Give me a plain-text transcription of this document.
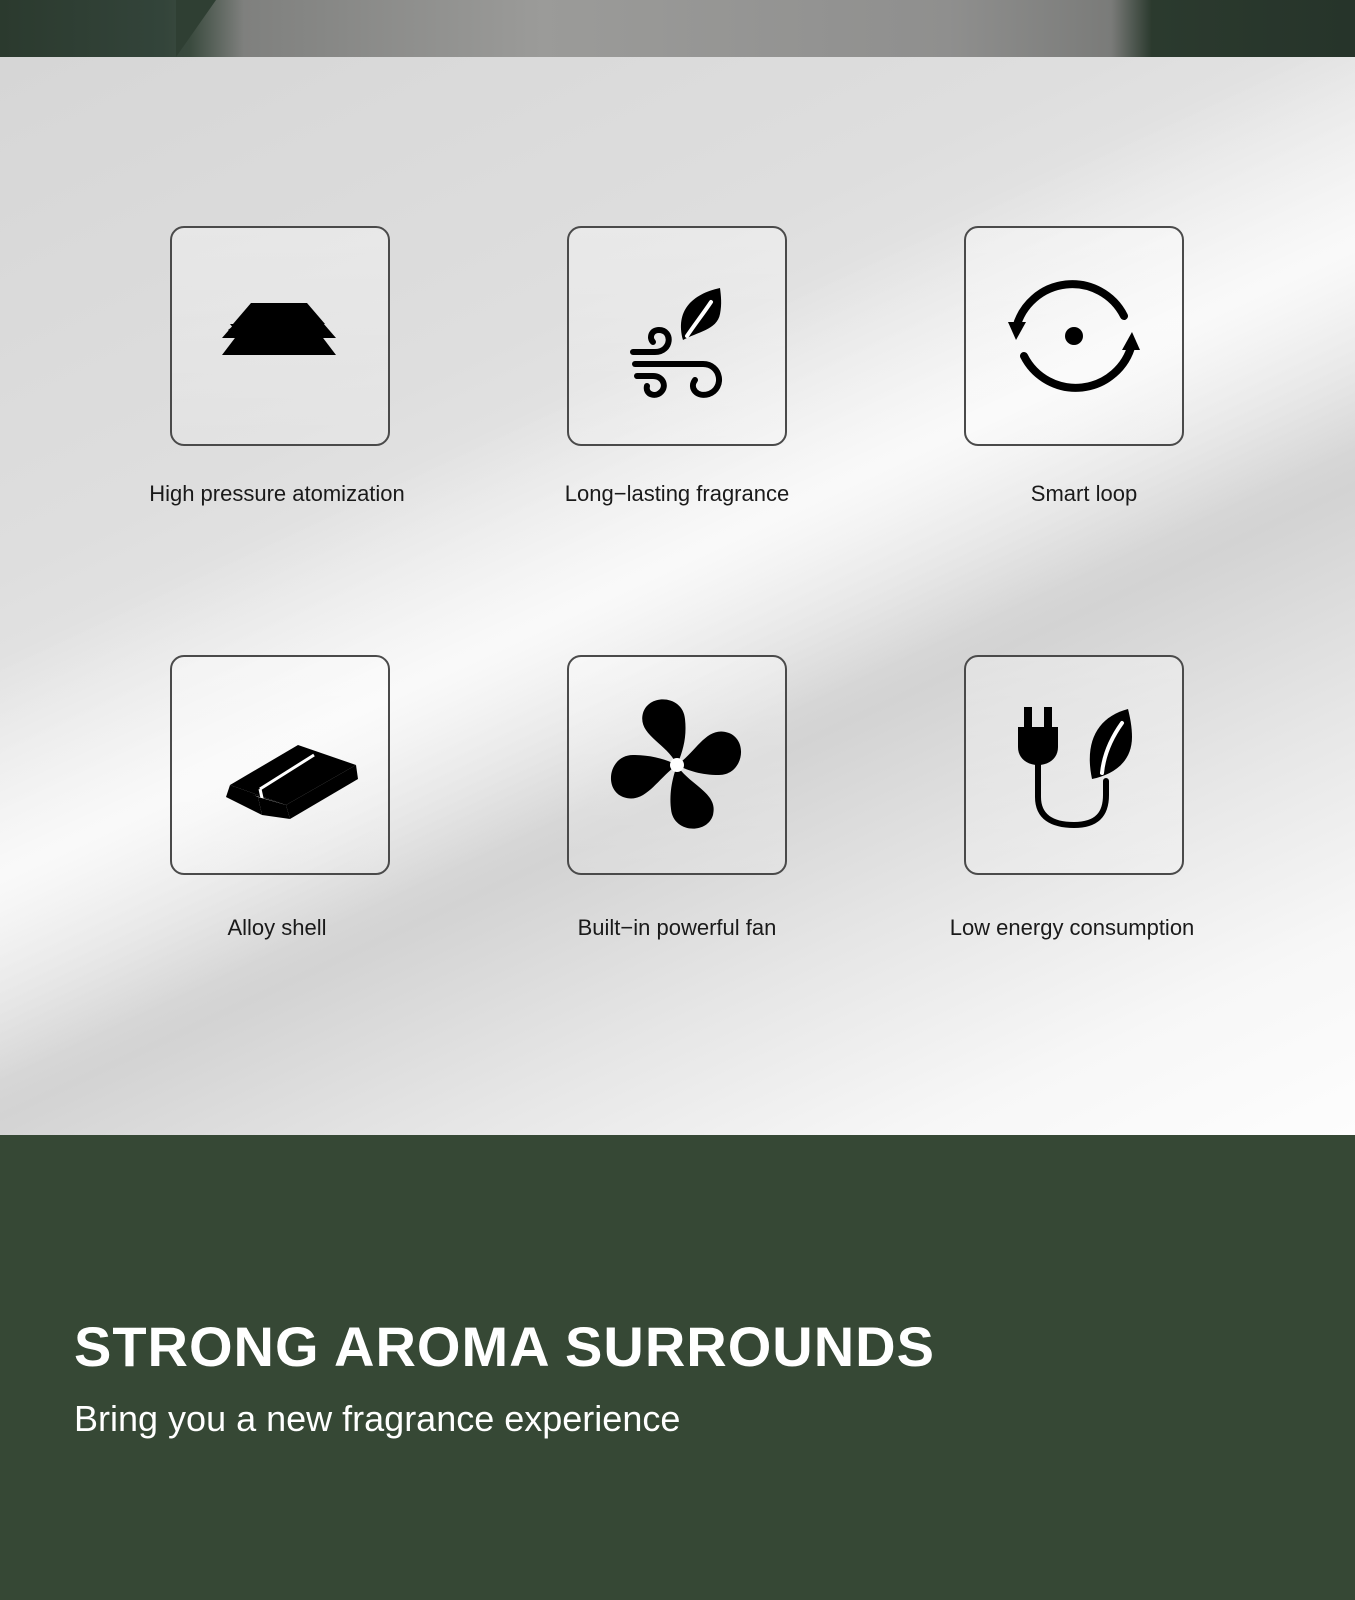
High pressure atomization	Long−lasting fragrance	Smart loop
Alloy shell	Built−in powerful fan	Low energy consumption
STRONG AROMA SURROUNDS
Bring you a new fragrance experience
